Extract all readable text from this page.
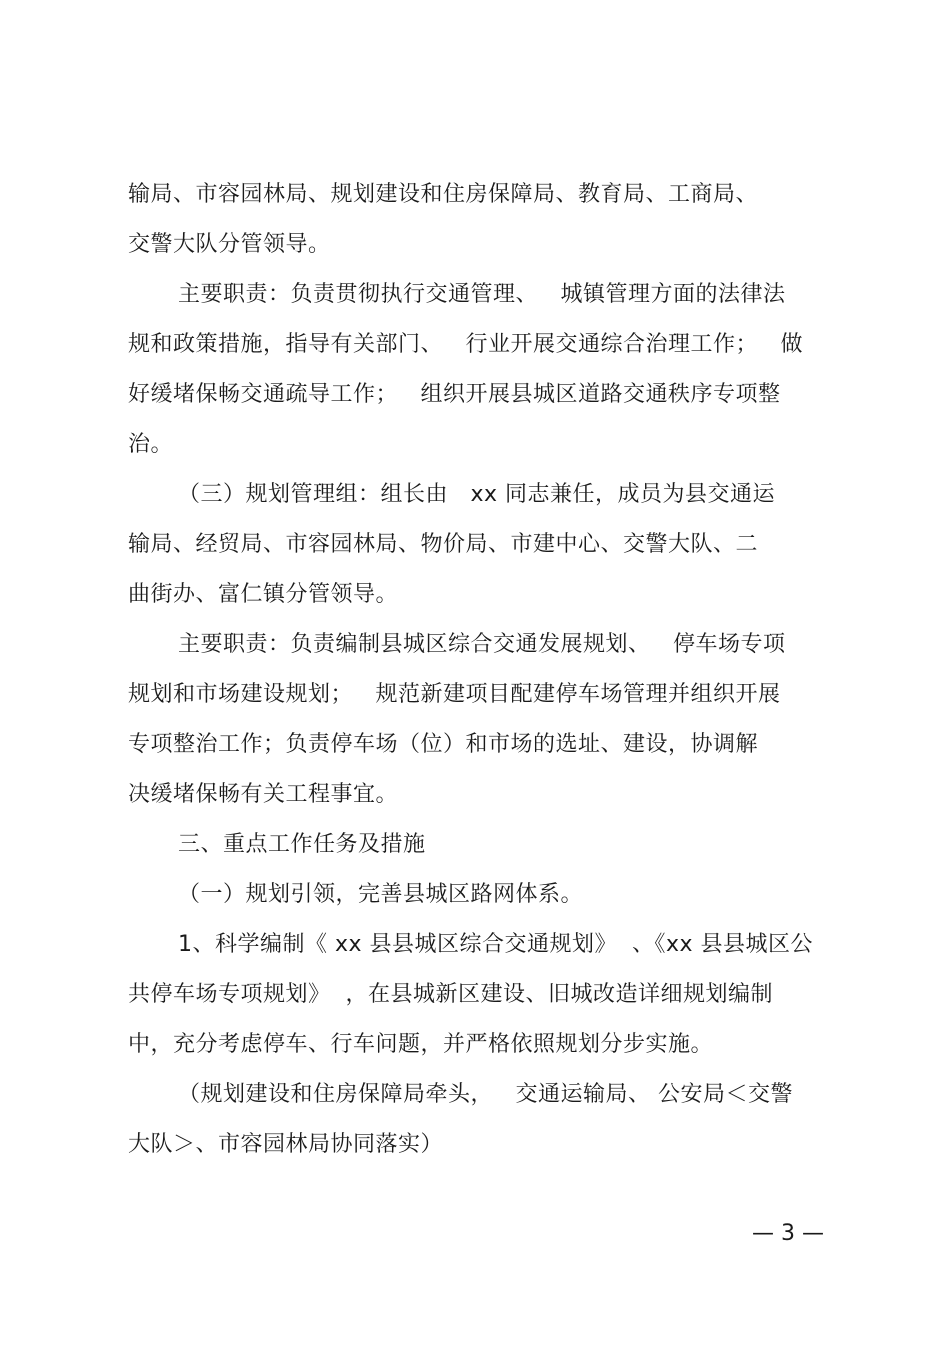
输局、市容园林局、规划建设和住房保障局、教育局、工商局、
交警大队分管领导。
主要职责：负责贯彻执行交通管理、   城镇管理方面的法律法
规和政策措施，指导有关部门、   行业开展交通综合治理工作；   做
好缓堵保畅交通疏导工作；   组织开展县城区道路交通秩序专项整
治。
（三）规划管理组：组长由   xx 同志兼任，成员为县交通运
输局、经贸局、市容园林局、物价局、市建中心、交警大队、二
曲街办、富仁镇分管领导。
主要职责：负责编制县城区综合交通发展规划、   停车场专项
规划和市场建设规划；   规范新建项目配建停车场管理并组织开展
专项整治工作；负责停车场（位）和市场的选址、建设，协调解
决缓堵保畅有关工程事宜。
三、重点工作任务及措施
（一）规划引领，完善县城区路网体系。
1、科学编制《 xx 县县城区综合交通规划》  、《xx 县县城区公
共停车场专项规划》  ，在县城新区建设、旧城改造详细规划编制
中，充分考虑停车、行车问题，并严格依照规划分步实施。
（规划建设和住房保障局牵头，   交通运输局、 公安局＜交警
大队＞、市容园林局协同落实）
— 3 —
